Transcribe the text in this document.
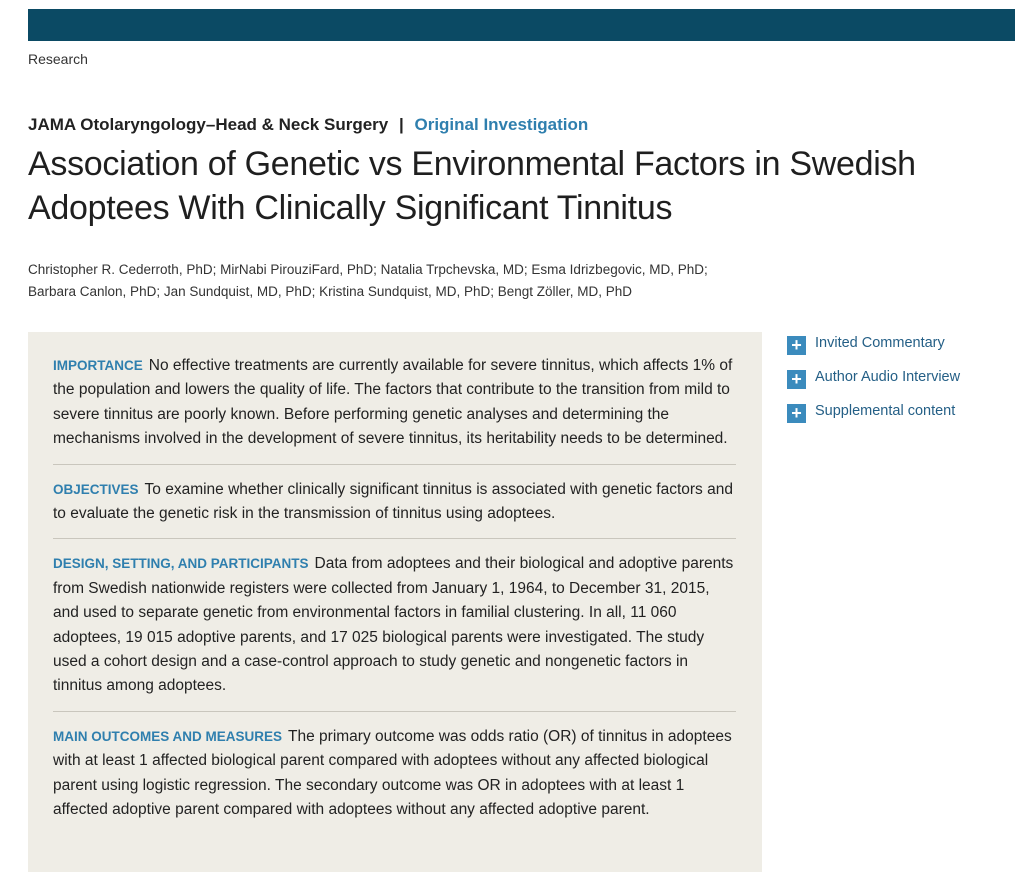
Research
JAMA Otolaryngology–Head & Neck Surgery | Original Investigation
Association of Genetic vs Environmental Factors in Swedish Adoptees With Clinically Significant Tinnitus
Christopher R. Cederroth, PhD; MirNabi PirouziFard, PhD; Natalia Trpchevska, MD; Esma Idrizbegovic, MD, PhD;
Barbara Canlon, PhD; Jan Sundquist, MD, PhD; Kristina Sundquist, MD, PhD; Bengt Zöller, MD, PhD
IMPORTANCE No effective treatments are currently available for severe tinnitus, which affects 1% of the population and lowers the quality of life. The factors that contribute to the transition from mild to severe tinnitus are poorly known. Before performing genetic analyses and determining the mechanisms involved in the development of severe tinnitus, its heritability needs to be determined.
OBJECTIVES To examine whether clinically significant tinnitus is associated with genetic factors and to evaluate the genetic risk in the transmission of tinnitus using adoptees.
DESIGN, SETTING, AND PARTICIPANTS Data from adoptees and their biological and adoptive parents from Swedish nationwide registers were collected from January 1, 1964, to December 31, 2015, and used to separate genetic from environmental factors in familial clustering. In all, 11 060 adoptees, 19 015 adoptive parents, and 17 025 biological parents were investigated. The study used a cohort design and a case-control approach to study genetic and nongenetic factors in tinnitus among adoptees.
MAIN OUTCOMES AND MEASURES The primary outcome was odds ratio (OR) of tinnitus in adoptees with at least 1 affected biological parent compared with adoptees without any affected biological parent using logistic regression. The secondary outcome was OR in adoptees with at least 1 affected adoptive parent compared with adoptees without any affected adoptive parent.
+ Invited Commentary
+ Author Audio Interview
+ Supplemental content
